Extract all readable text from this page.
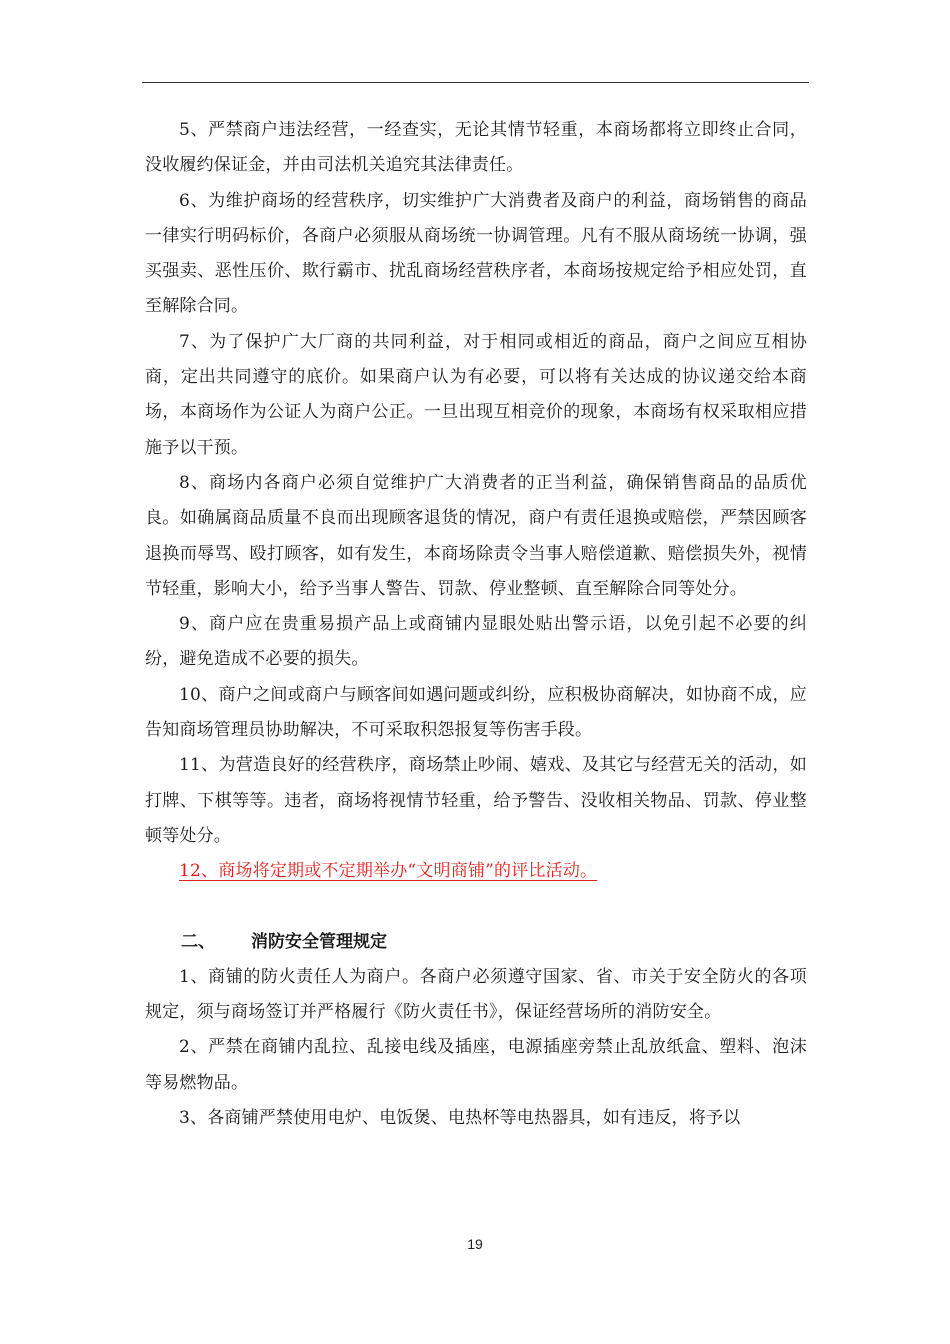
5、严禁商户违法经营，一经查实，无论其情节轻重，本商场都将立即终止合同，没收履约保证金，并由司法机关追究其法律责任。

6、为维护商场的经营秩序，切实维护广大消费者及商户的利益，商场销售的商品一律实行明码标价，各商户必须服从商场统一协调管理。凡有不服从商场统一协调，强买强卖、恶性压价、欺行霸市、扰乱商场经营秩序者，本商场按规定给予相应处罚，直至解除合同。

7、为了保护广大厂商的共同利益，对于相同或相近的商品，商户之间应互相协商，定出共同遵守的底价。如果商户认为有必要，可以将有关达成的协议递交给本商场，本商场作为公证人为商户公正。一旦出现互相竞价的现象，本商场有权采取相应措施予以干预。

8、商场内各商户必须自觉维护广大消费者的正当利益，确保销售商品的品质优良。如确属商品质量不良而出现顾客退货的情况，商户有责任退换或赔偿，严禁因顾客退换而辱骂、殴打顾客，如有发生，本商场除责令当事人赔偿道歉、赔偿损失外，视情节轻重，影响大小，给予当事人警告、罚款、停业整顿、直至解除合同等处分。

9、商户应在贵重易损产品上或商铺内显眼处贴出警示语，以免引起不必要的纠纷，避免造成不必要的损失。

10、商户之间或商户与顾客间如遇问题或纠纷，应积极协商解决，如协商不成，应告知商场管理员协助解决，不可采取积怨报复等伤害手段。

11、为营造良好的经营秩序，商场禁止吵闹、嬉戏、及其它与经营无关的活动，如打牌、下棋等等。违者，商场将视情节轻重，给予警告、没收相关物品、罚款、停业整顿等处分。

12、商场将定期或不定期举办“文明商铺”的评比活动。

二、 消防安全管理规定

1、商铺的防火责任人为商户。各商户必须遵守国家、省、市关于安全防火的各项规定，须与商场签订并严格履行《防火责任书》，保证经营场所的消防安全。

2、严禁在商铺内乱拉、乱接电线及插座，电源插座旁禁止乱放纸盒、塑料、泡沫等易燃物品。

3、各商铺严禁使用电炉、电饭煲、电热杯等电热器具，如有违反，将予以

19
